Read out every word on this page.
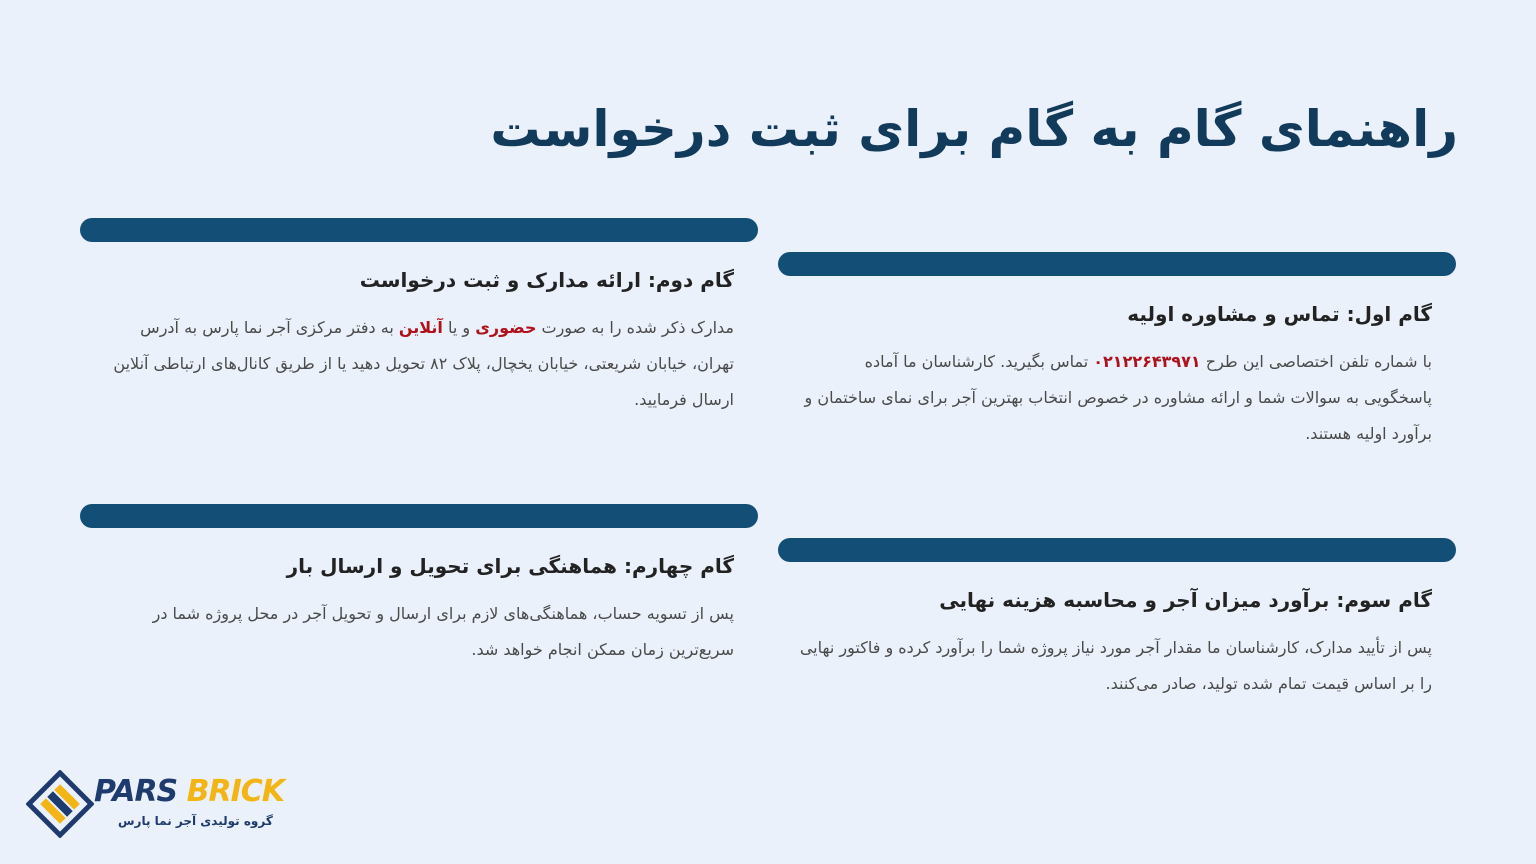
راهنمای گام به گام برای ثبت درخواست
گام اول: تماس و مشاوره اولیه

با شماره تلفن اختصاصی این طرح ۰۲۱۲۲۶۴۳۹۷۱ تماس بگیرید. کارشناسان ما آماده پاسخگویی به سوالات شما و ارائه مشاوره در خصوص انتخاب بهترین آجر برای نمای ساختمان و برآورد اولیه هستند.

گام دوم: ارائه مدارک و ثبت درخواست

مدارک ذکر شده را به صورت حضوری و یا آنلاین به دفتر مرکزی آجر نما پارس به آدرس تهران، خیابان شریعتی، خیابان یخچال، پلاک ۸۲ تحویل دهید یا از طریق کانال‌های ارتباطی آنلاین ارسال فرمایید.

گام سوم: برآورد میزان آجر و محاسبه هزینه نهایی

پس از تأیید مدارک، کارشناسان ما مقدار آجر مورد نیاز پروژه شما را برآورد کرده و فاکتور نهایی را بر اساس قیمت تمام شده تولید، صادر می‌کنند.

گام چهارم: هماهنگی برای تحویل و ارسال بار

پس از تسویه حساب، هماهنگی‌های لازم برای ارسال و تحویل آجر در محل پروژه شما در سریع‌ترین زمان ممکن انجام خواهد شد.

PARS BRICK
گروه تولیدی آجر نما پارس
